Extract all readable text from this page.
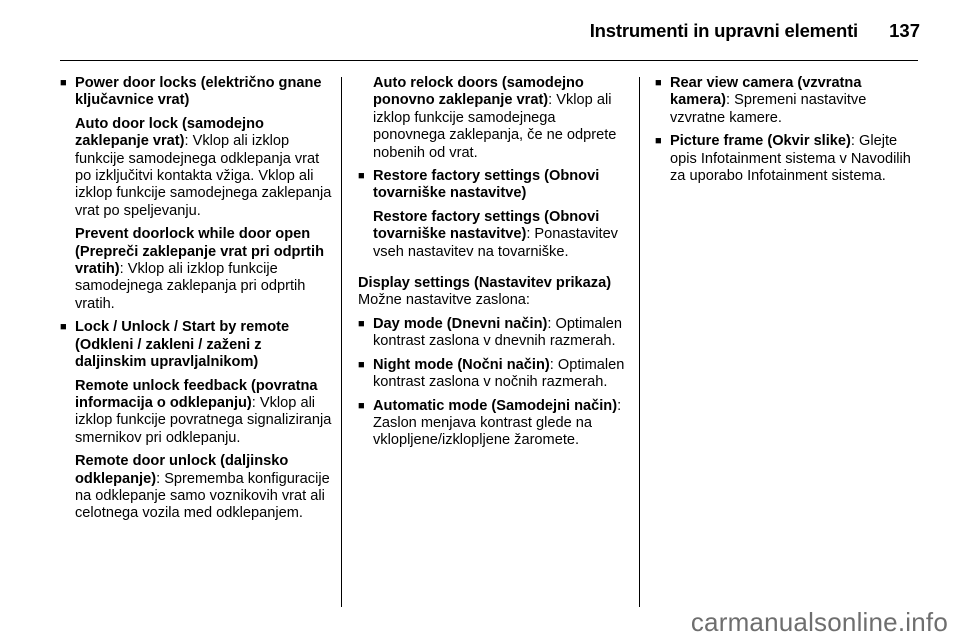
Instrumenti in upravni elementi 137
■ Power door locks (električno gnane ključavnice vrat)
Auto door lock (samodejno zaklepanje vrat): Vklop ali izklop funkcije samodejnega odklepanja vrat po izključitvi kontakta vžiga. Vklop ali izklop funkcije samodejnega zaklepanja vrat po speljevanju.
Prevent doorlock while door open (Prepreči zaklepanje vrat pri odprtih vratih): Vklop ali izklop funkcije samodejnega zaklepanja pri odprtih vratih.
■ Lock / Unlock / Start by remote (Odkleni / zakleni / zaženi z daljinskim upravljalnikom)
Remote unlock feedback (povratna informacija o odklepanju): Vklop ali izklop funkcije povratnega signaliziranja smernikov pri odklepanju.
Remote door unlock (daljinsko odklepanje): Sprememba konfiguracije na odklepanje samo voznikovih vrat ali celotnega vozila med odklepanjem.
Auto relock doors (samodejno ponovno zaklepanje vrat): Vklop ali izklop funkcije samodejnega ponovnega zaklepanja, če ne odprete nobenih od vrat.
■ Restore factory settings (Obnovi tovarniške nastavitve)
Restore factory settings (Obnovi tovarniške nastavitve): Ponastavitev vseh nastavitev na tovarniške.
Display settings (Nastavitev prikaza)
Možne nastavitve zaslona:
■ Day mode (Dnevni način): Optimalen kontrast zaslona v dnevnih razmerah.
■ Night mode (Nočni način): Optimalen kontrast zaslona v nočnih razmerah.
■ Automatic mode (Samodejni način): Zaslon menjava kontrast glede na vklopljene/izklopljene žaromete.
■ Rear view camera (vzvratna kamera): Spremeni nastavitve vzvratne kamere.
■ Picture frame (Okvir slike): Glejte opis Infotainment sistema v Navodilih za uporabo Infotainment sistema.
carmanualsonline.info
